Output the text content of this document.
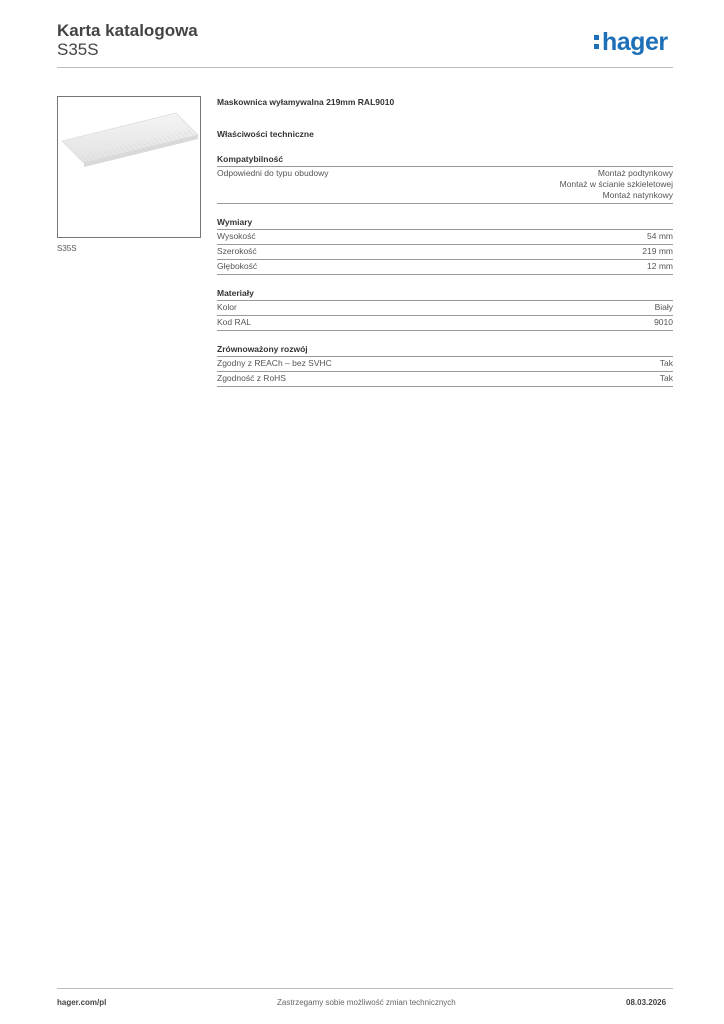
Karta katalogowa
S35S	hager
S35S
Maskownica wyłamywalna 219mm RAL9010
Właściwości techniczne
Kompatybilność
Odpowiedni do typu obudowy	Montaż podtynkowy
Montaż w ścianie szkieletowej
Montaż natynkowy
Wymiary
Wysokość	54 mm
Szerokość	219 mm
Głębokość	12 mm
Materiały
Kolor	Biały
Kod RAL	9010
Zrównoważony rozwój
Zgodny z REACh – bez SVHC	Tak
Zgodność z RoHS	Tak
hager.com/pl	Zastrzegamy sobie możliwość zmian technicznych	08.03.2026
